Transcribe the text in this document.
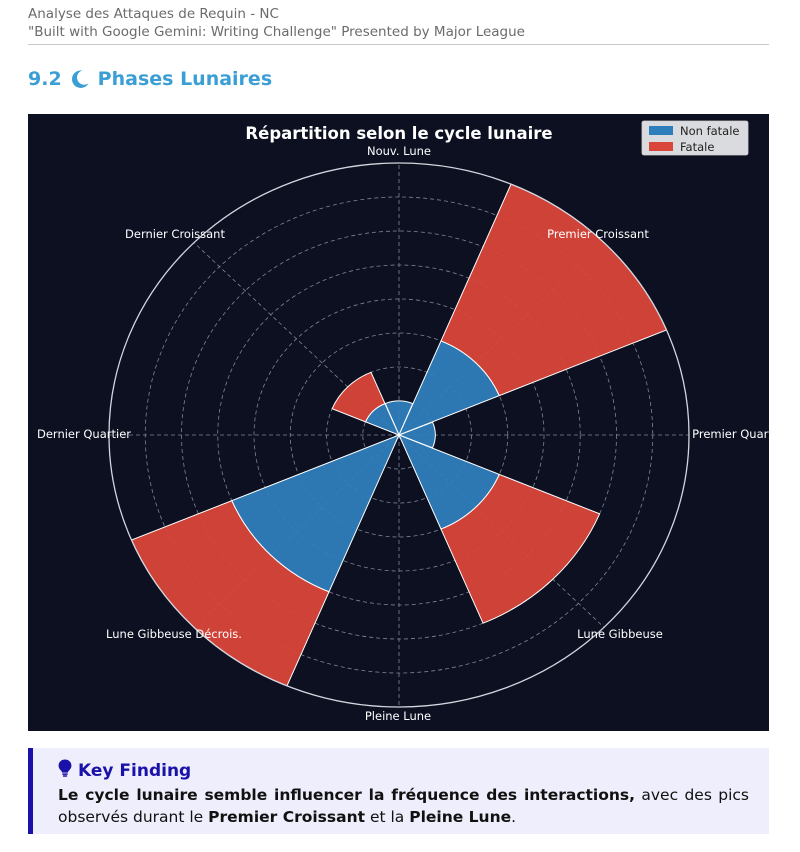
Analyse des Attaques de Requin - NC
"Built with Google Gemini: Writing Challenge" Presented by Major League
9.2 Phases Lunaires
Nouv. Lune
Premier Croissant
Premier Quartier
Lune Gibbeuse
Pleine Lune
Lune Gibbeuse Décrois.
Dernier Quartier
Dernier Croissant
Répartition selon le cycle lunaire	Non fatale
Fatale
Key Finding
Le cycle lunaire semble influencer la fréquence des interactions, avec des pics observés durant le Premier Croissant et la Pleine Lune.
